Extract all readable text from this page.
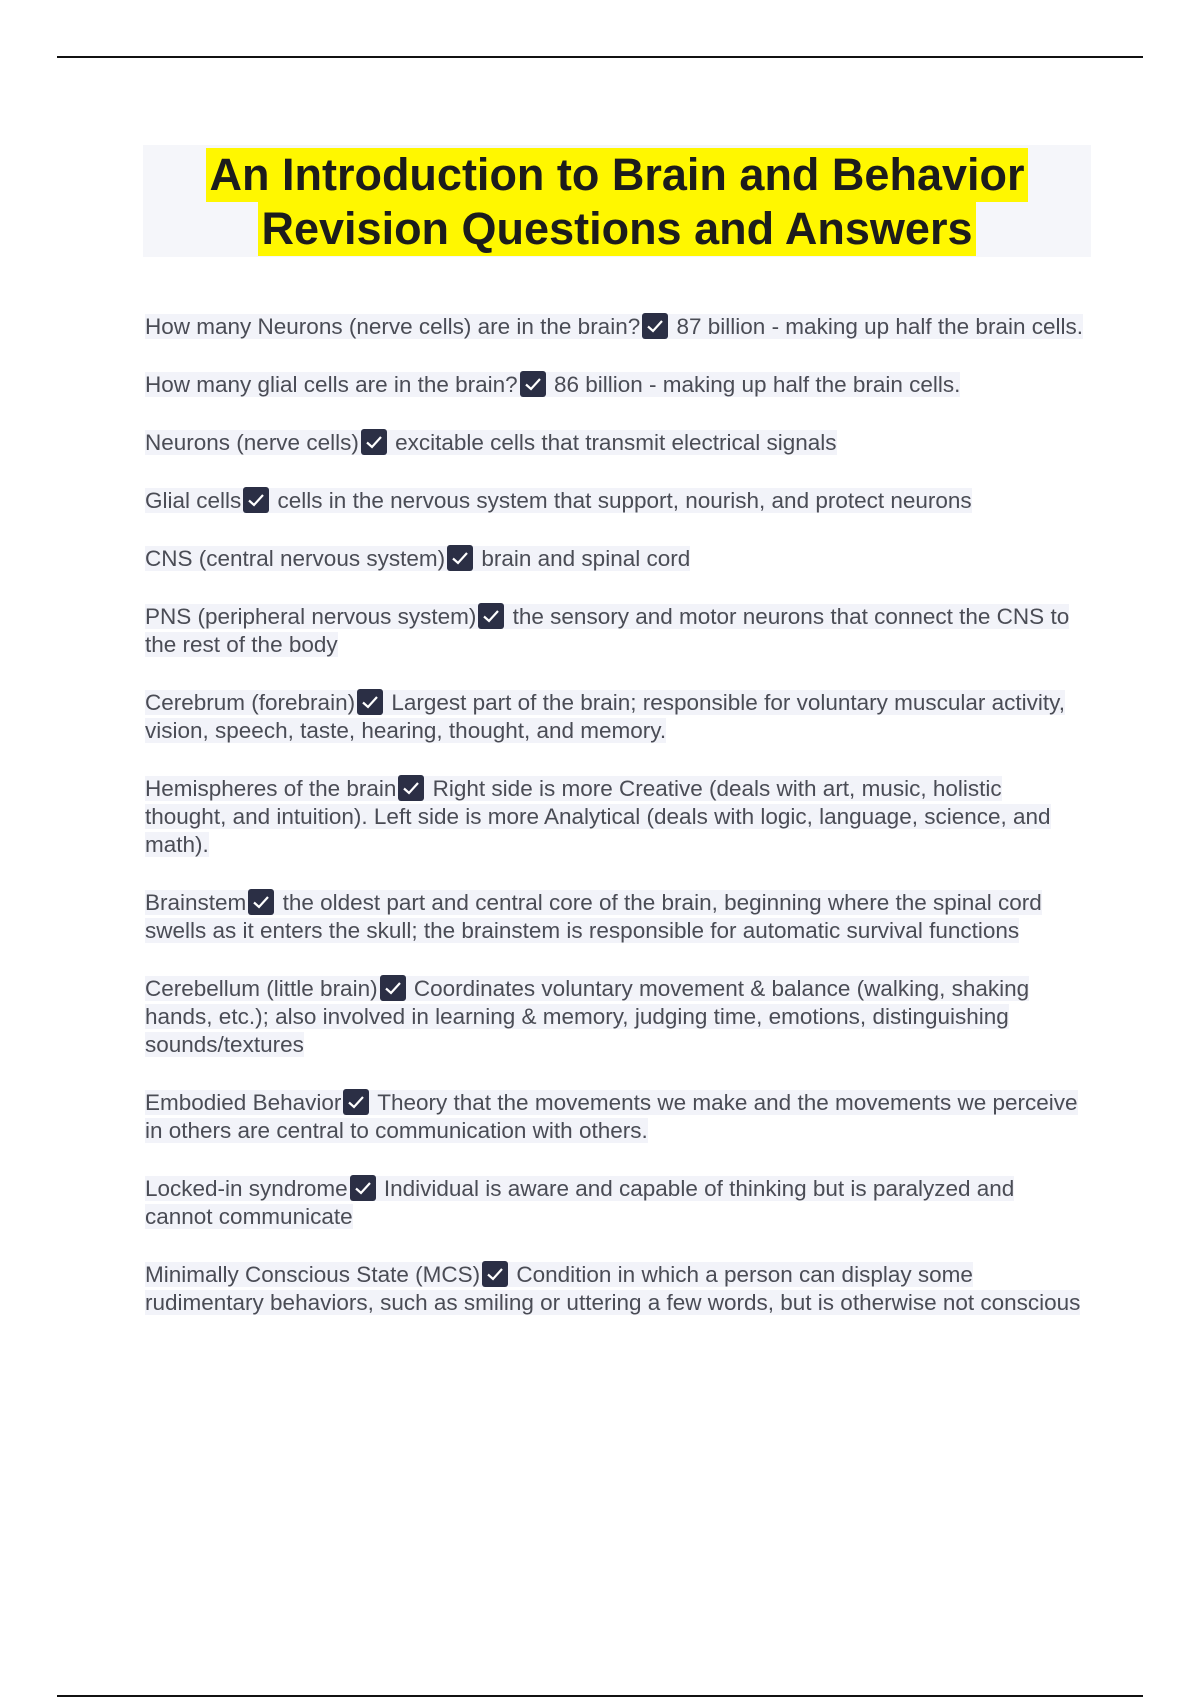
An Introduction to Brain and Behavior
Revision Questions and Answers

How many Neurons (nerve cells) are in the brain? 87 billion - making up half the brain cells.

How many glial cells are in the brain? 86 billion - making up half the brain cells.

Neurons (nerve cells) excitable cells that transmit electrical signals

Glial cells cells in the nervous system that support, nourish, and protect neurons

CNS (central nervous system) brain and spinal cord

PNS (peripheral nervous system) the sensory and motor neurons that connect the CNS to the rest of the body

Cerebrum (forebrain) Largest part of the brain; responsible for voluntary muscular activity, vision, speech, taste, hearing, thought, and memory.

Hemispheres of the brain Right side is more Creative (deals with art, music, holistic thought, and intuition). Left side is more Analytical (deals with logic, language, science, and math).

Brainstem the oldest part and central core of the brain, beginning where the spinal cord swells as it enters the skull; the brainstem is responsible for automatic survival functions

Cerebellum (little brain) Coordinates voluntary movement & balance (walking, shaking hands, etc.); also involved in learning & memory, judging time, emotions, distinguishing sounds/textures

Embodied Behavior Theory that the movements we make and the movements we perceive in others are central to communication with others.

Locked-in syndrome Individual is aware and capable of thinking but is paralyzed and cannot communicate

Minimally Conscious State (MCS) Condition in which a person can display some rudimentary behaviors, such as smiling or uttering a few words, but is otherwise not conscious
